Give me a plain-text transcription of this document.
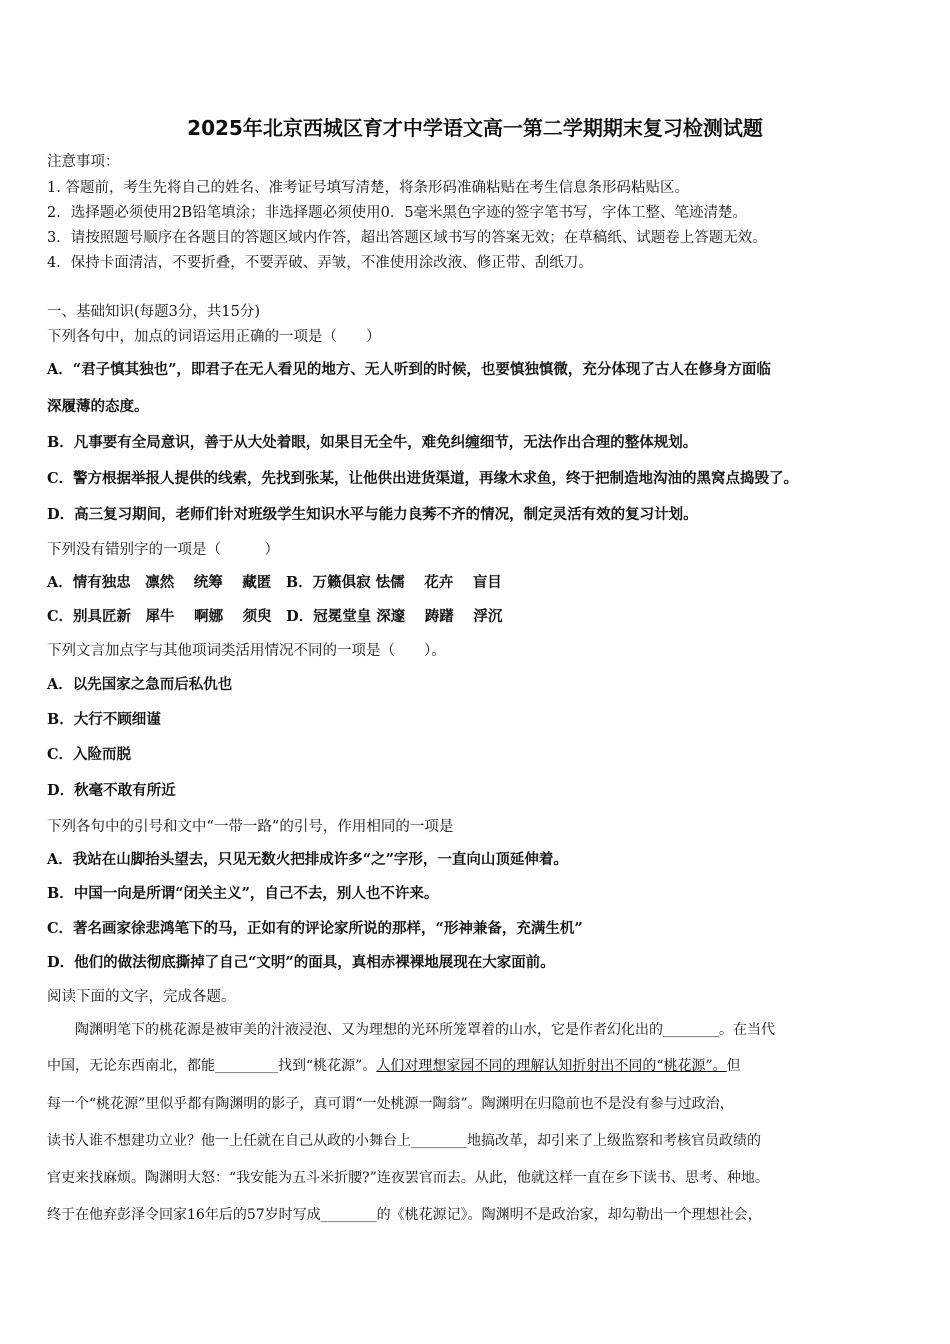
2025年北京西城区育才中学语文高一第二学期期末复习检测试题
注意事项：
1. 答题前，考生先将自己的姓名、准考证号填写清楚，将条形码准确粘贴在考生信息条形码粘贴区。
2．选择题必须使用2B铅笔填涂；非选择题必须使用0．5毫米黑色字迹的签字笔书写，字体工整、笔迹清楚。
3．请按照题号顺序在各题目的答题区域内作答，超出答题区域书写的答案无效；在草稿纸、试题卷上答题无效。
4．保持卡面清洁，不要折叠，不要弄破、弄皱，不准使用涂改液、修正带、刮纸刀。
一、基础知识(每题3分，共15分)
下列各句中，加点的词语运用正确的一项是（　　）
A．“君子慎其独也”，即君子在无人看见的地方、无人听到的时候，也要慎独慎微，充分体现了古人在修身方面临
深履薄的态度。
B．凡事要有全局意识，善于从大处着眼，如果目无全牛，难免纠缠细节，无法作出合理的整体规划。
C．警方根据举报人提供的线索，先找到张某，让他供出进货渠道，再缘木求鱼，终于把制造地沟油的黑窝点捣毁了。
D．高三复习期间，老师们针对班级学生知识水平与能力良莠不齐的情况，制定灵活有效的复习计划。
下列没有错别字的一项是（　　　）
A．情有独忠　凛然　 统筹　 藏匿　B．万籁俱寂 怯儒　 花卉　 盲目
C．别具匠新　犀牛　 啊娜　 须臾　D．冠冕堂皇 深邃　 踌躇　 浮沉
下列文言加点字与其他项词类活用情况不同的一项是（　　）。
A．以先国家之急而后私仇也
B．大行不顾细谨
C．入险而脱
D．秋毫不敢有所近
下列各句中的引号和文中“一带一路”的引号，作用相同的一项是
A．我站在山脚抬头望去，只见无数火把排成许多“之”字形，一直向山顶延伸着。
B．中国一向是所谓“闭关主义”，自己不去，别人也不许来。
C．著名画家徐悲鸿笔下的马，正如有的评论家所说的那样，“形神兼备，充满生机”
D．他们的做法彻底撕掉了自己“文明”的面具，真相赤裸裸地展现在大家面前。
阅读下面的文字，完成各题。
　　陶渊明笔下的桃花源是被审美的汁液浸泡、又为理想的光环所笼罩着的山水，它是作者幻化出的________。在当代
中国，无论东西南北，都能_________找到“桃花源”。人们对理想家园不同的理解认知折射出不同的“桃花源”。但
每一个“桃花源”里似乎都有陶渊明的影子，真可谓“一处桃源一陶翁”。陶渊明在归隐前也不是没有参与过政治，
读书人谁不想建功立业？他一上任就在自己从政的小舞台上________地搞改革，却引来了上级监察和考核官员政绩的
官吏来找麻烦。陶渊明大怒：“我安能为五斗米折腰?”连夜罢官而去。从此，他就这样一直在乡下读书、思考、种地。
终于在他弃彭泽令回家16年后的57岁时写成________的《桃花源记》。陶渊明不是政治家，却勾勒出一个理想社会，
